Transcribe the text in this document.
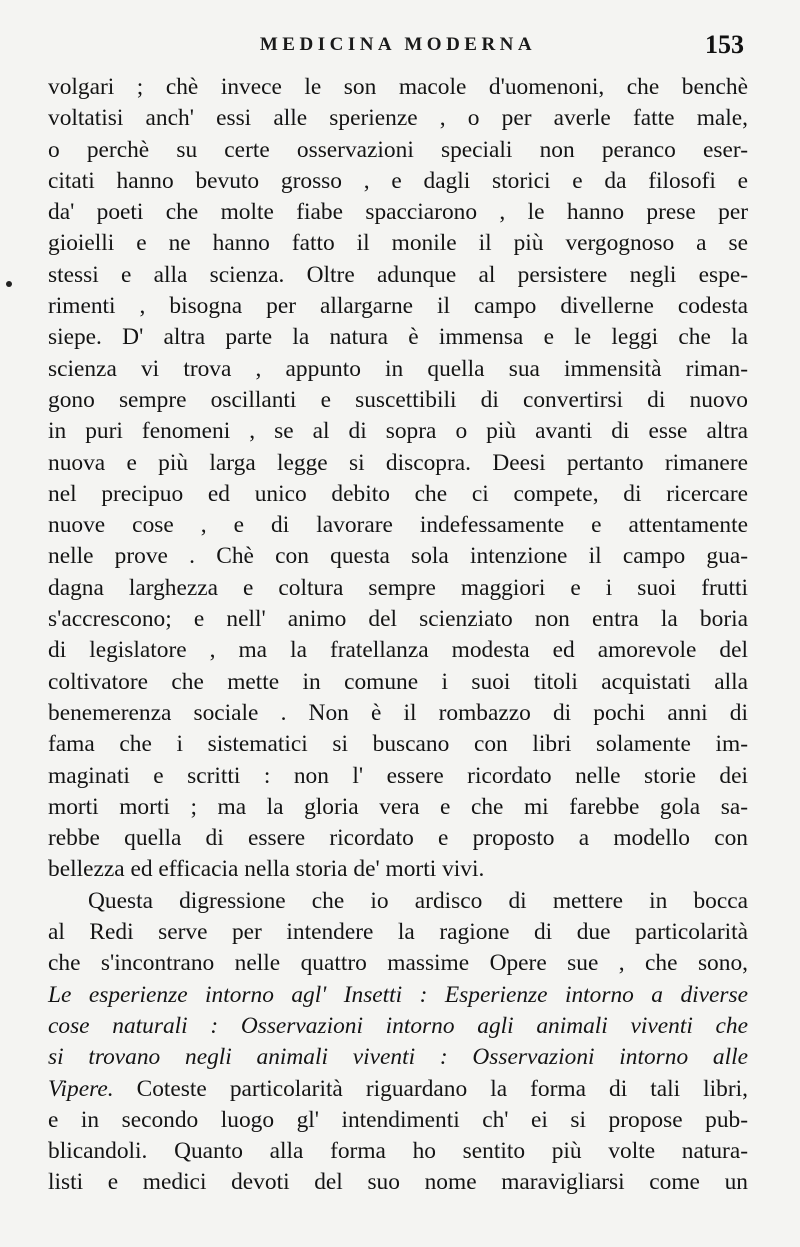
MEDICINA MODERNA	153
volgari ; chè invece le son macole d'uomenoni, che benchè
voltatisi anch' essi alle sperienze , o per averle fatte male,
o perchè su certe osservazioni speciali non peranco eser-
citati hanno bevuto grosso , e dagli storici e da filosofi e
da' poeti che molte fiabe spacciarono , le hanno prese per
gioielli e ne hanno fatto il monile il più vergognoso a se
stessi e alla scienza. Oltre adunque al persistere negli espe-
rimenti , bisogna per allargarne il campo divellerne codesta
siepe. D' altra parte la natura è immensa e le leggi che la
scienza vi trova , appunto in quella sua immensità riman-
gono sempre oscillanti e suscettibili di convertirsi di nuovo
in puri fenomeni , se al di sopra o più avanti di esse altra
nuova e più larga legge si discopra. Deesi pertanto rimanere
nel precipuo ed unico debito che ci compete, di ricercare
nuove cose , e di lavorare indefessamente e attentamente
nelle prove . Chè con questa sola intenzione il campo gua-
dagna larghezza e coltura sempre maggiori e i suoi frutti
s'accrescono; e nell' animo del scienziato non entra la boria
di legislatore , ma la fratellanza modesta ed amorevole del
coltivatore che mette in comune i suoi titoli acquistati alla
benemerenza sociale . Non è il rombazzo di pochi anni di
fama che i sistematici si buscano con libri solamente im-
maginati e scritti : non l' essere ricordato nelle storie dei
morti morti ; ma la gloria vera e che mi farebbe gola sa-
rebbe quella di essere ricordato e proposto a modello con
bellezza ed efficacia nella storia de' morti vivi.
Questa digressione che io ardisco di mettere in bocca
al Redi serve per intendere la ragione di due particolarità
che s'incontrano nelle quattro massime Opere sue , che sono,
Le esperienze intorno agl' Insetti : Esperienze intorno a diverse
cose naturali : Osservazioni intorno agli animali viventi che
si trovano negli animali viventi : Osservazioni intorno alle
Vipere. Coteste particolarità riguardano la forma di tali libri,
e in secondo luogo gl' intendimenti ch' ei si propose pub-
blicandoli. Quanto alla forma ho sentito più volte natura-
listi e medici devoti del suo nome maravigliarsi come un
